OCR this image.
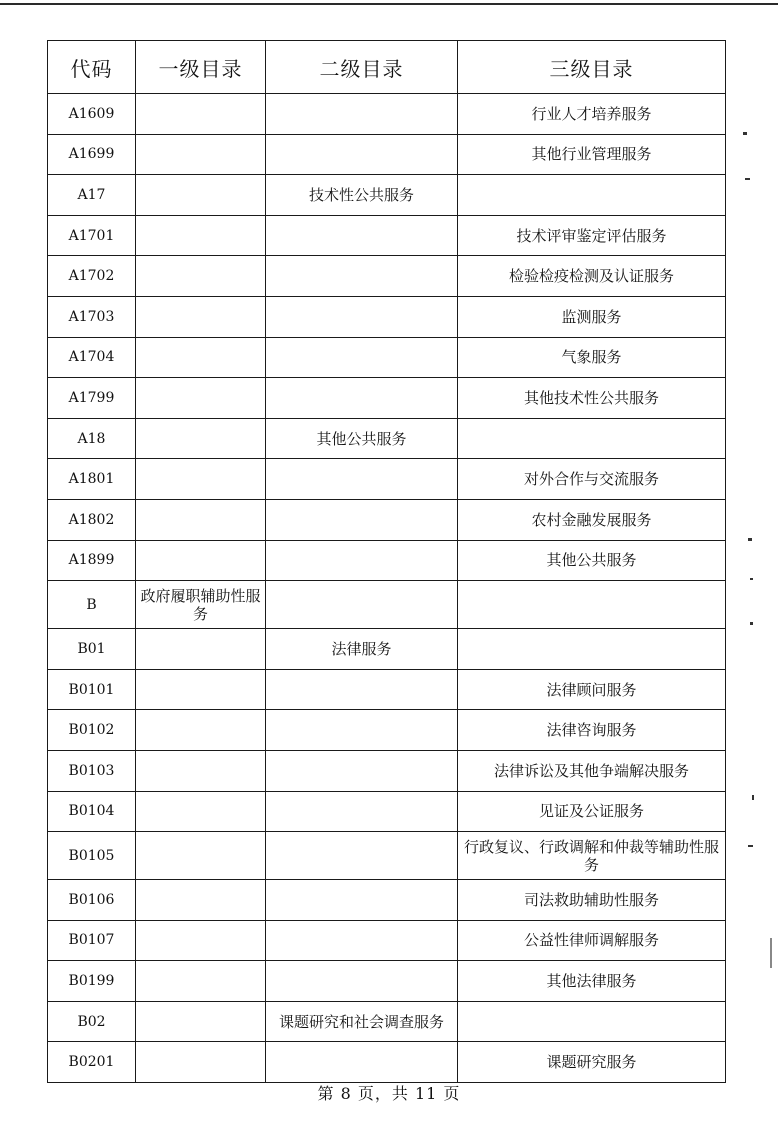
代码	一级目录	二级目录	三级目录
A1609			行业人才培养服务
A1699			其他行业管理服务
A17		技术性公共服务	
A1701			技术评审鉴定评估服务
A1702			检验检疫检测及认证服务
A1703			监测服务
A1704			气象服务
A1799			其他技术性公共服务
A18		其他公共服务	
A1801			对外合作与交流服务
A1802			农村金融发展服务
A1899			其他公共服务
B	政府履职辅助性服务		
B01		法律服务	
B0101			法律顾问服务
B0102			法律咨询服务
B0103			法律诉讼及其他争端解决服务
B0104			见证及公证服务
B0105			行政复议、行政调解和仲裁等辅助性服务
B0106			司法救助辅助性服务
B0107			公益性律师调解服务
B0199			其他法律服务
B02		课题研究和社会调查服务	
B0201			课题研究服务
第 8 页，共 11 页
